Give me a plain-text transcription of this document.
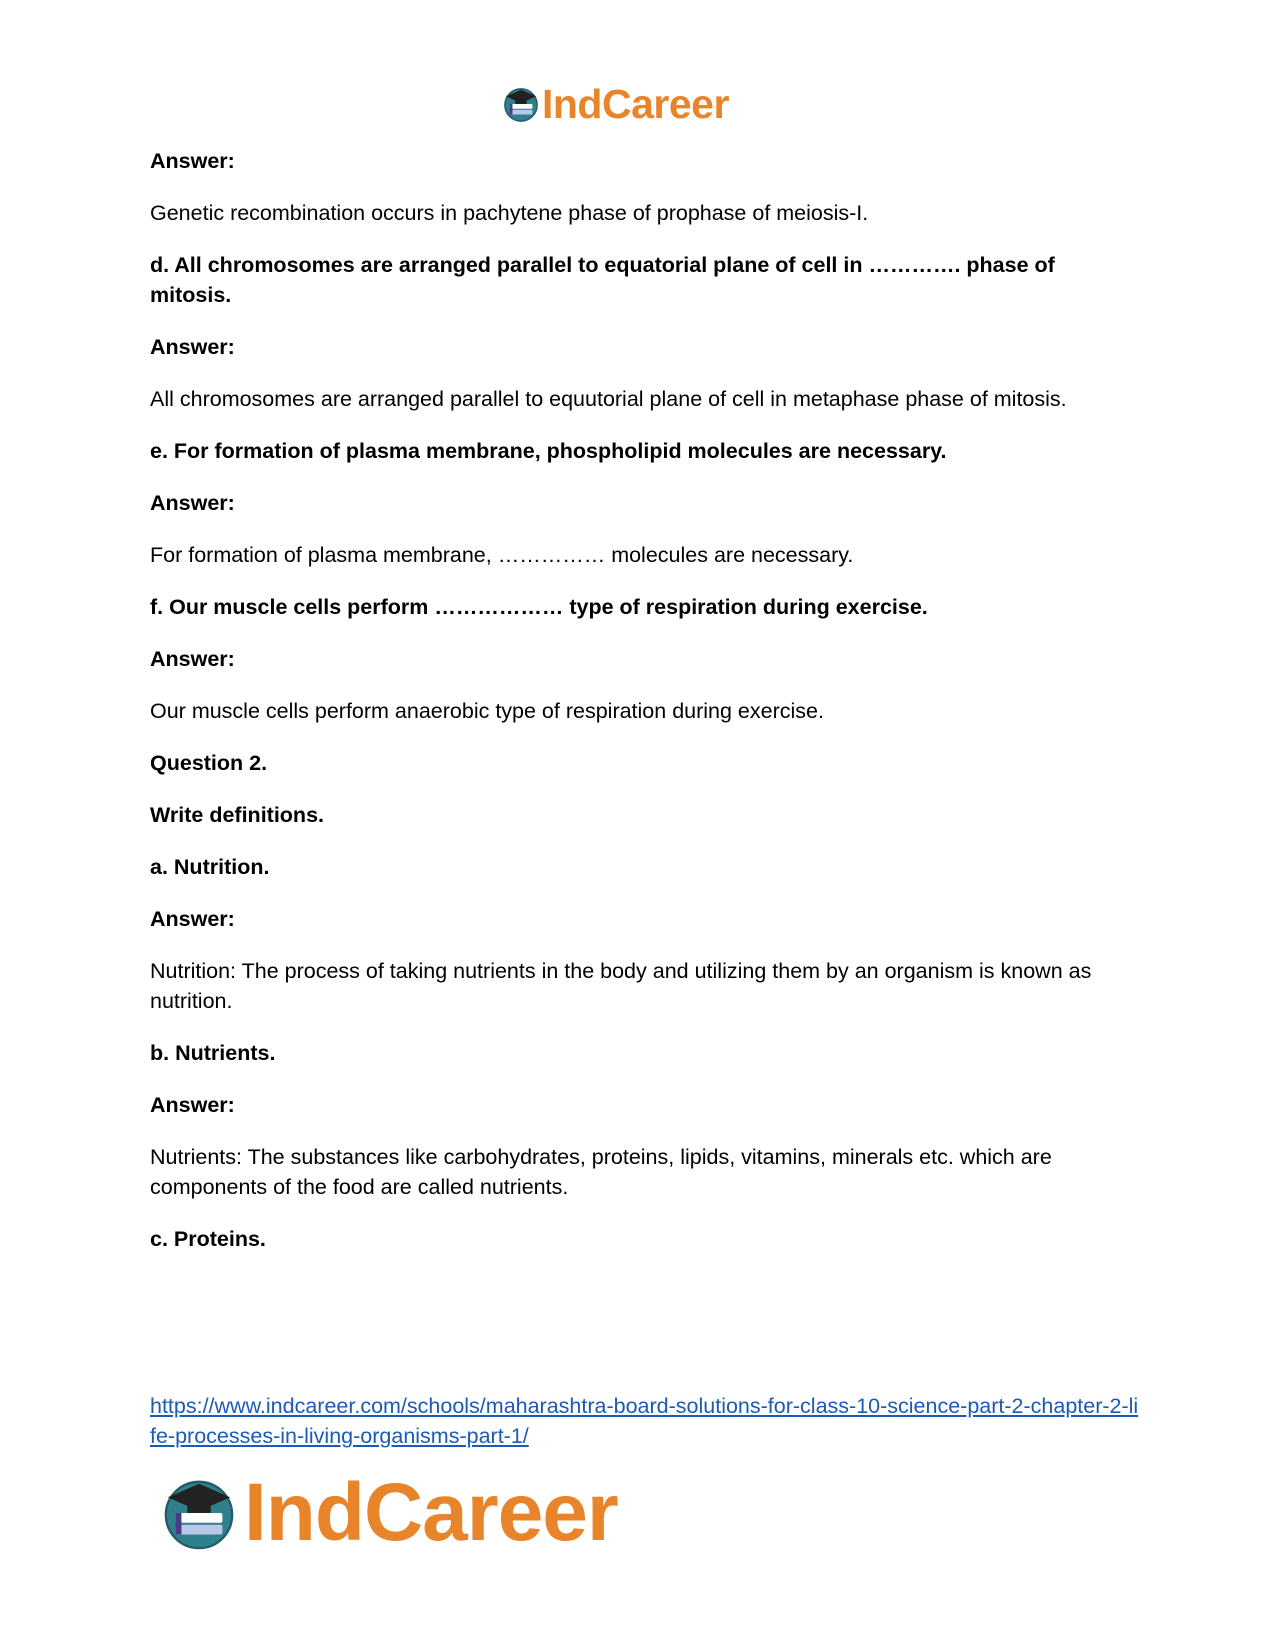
IndCareer

Answer:

Genetic recombination occurs in pachytene phase of prophase of meiosis-I.

d. All chromosomes are arranged parallel to equatorial plane of cell in …………. phase of mitosis.

Answer:

All chromosomes are arranged parallel to equutorial plane of cell in metaphase phase of mitosis.

e. For formation of plasma membrane, phospholipid molecules are necessary.

Answer:

For formation of plasma membrane, …………… molecules are necessary.

f. Our muscle cells perform ……………… type of respiration during exercise.

Answer:

Our muscle cells perform anaerobic type of respiration during exercise.

Question 2.

Write definitions.

a. Nutrition.

Answer:

Nutrition: The process of taking nutrients in the body and utilizing them by an organism is known as nutrition.

b. Nutrients.

Answer:

Nutrients: The substances like carbohydrates, proteins, lipids, vitamins, minerals etc. which are components of the food are called nutrients.

c. Proteins.

https://www.indcareer.com/schools/maharashtra-board-solutions-for-class-10-science-part-2-chapter-2-life-processes-in-living-organisms-part-1/
IndCareer
